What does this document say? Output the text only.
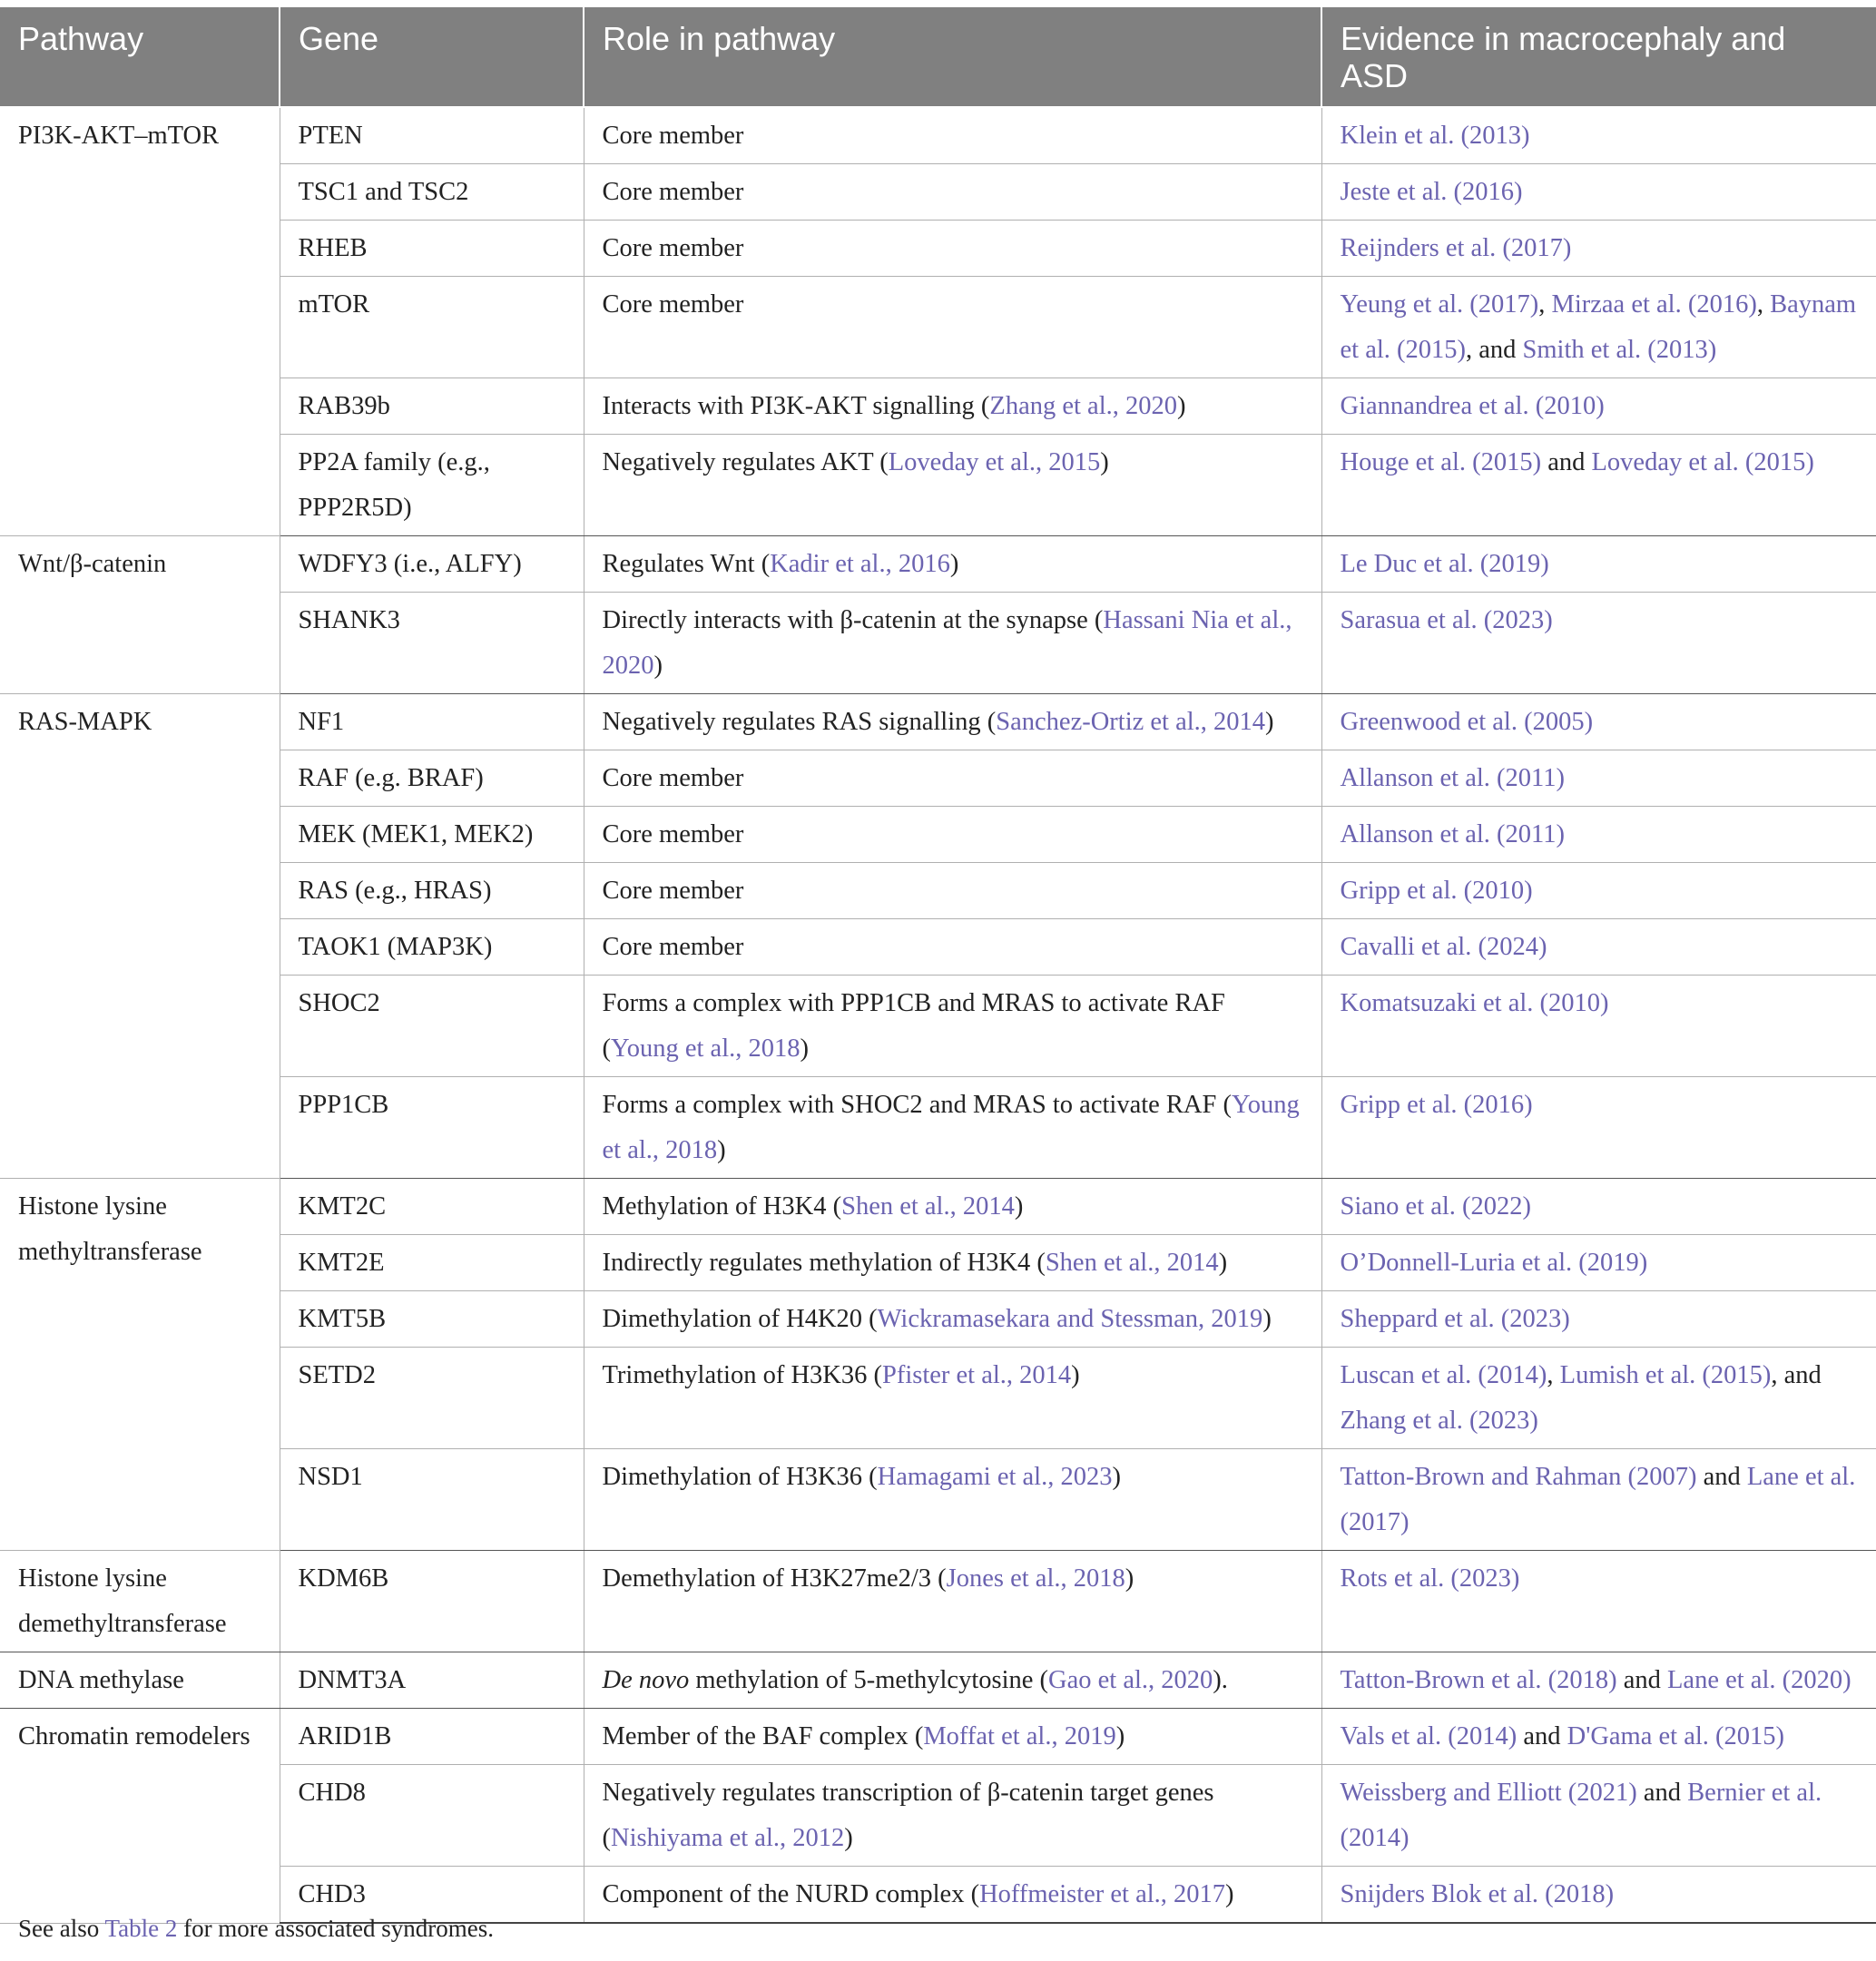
Pathway	Gene	Role in pathway	Evidence in macrocephaly and ASD
PI3K-AKT–mTOR	PTEN	Core member	Klein et al. (2013)
	TSC1 and TSC2	Core member	Jeste et al. (2016)
	RHEB	Core member	Reijnders et al. (2017)
	mTOR	Core member	Yeung et al. (2017), Mirzaa et al. (2016), Baynam et al. (2015), and Smith et al. (2013)
	RAB39b	Interacts with PI3K-AKT signalling (Zhang et al., 2020)	Giannandrea et al. (2010)
	PP2A family (e.g., PPP2R5D)	Negatively regulates AKT (Loveday et al., 2015)	Houge et al. (2015) and Loveday et al. (2015)
Wnt/β-catenin	WDFY3 (i.e., ALFY)	Regulates Wnt (Kadir et al., 2016)	Le Duc et al. (2019)
	SHANK3	Directly interacts with β-catenin at the synapse (Hassani Nia et al., 2020)	Sarasua et al. (2023)
RAS-MAPK	NF1	Negatively regulates RAS signalling (Sanchez-Ortiz et al., 2014)	Greenwood et al. (2005)
	RAF (e.g. BRAF)	Core member	Allanson et al. (2011)
	MEK (MEK1, MEK2)	Core member	Allanson et al. (2011)
	RAS (e.g., HRAS)	Core member	Gripp et al. (2010)
	TAOK1 (MAP3K)	Core member	Cavalli et al. (2024)
	SHOC2	Forms a complex with PPP1CB and MRAS to activate RAF (Young et al., 2018)	Komatsuzaki et al. (2010)
	PPP1CB	Forms a complex with SHOC2 and MRAS to activate RAF (Young et al., 2018)	Gripp et al. (2016)
Histone lysine methyltransferase	KMT2C	Methylation of H3K4 (Shen et al., 2014)	Siano et al. (2022)
	KMT2E	Indirectly regulates methylation of H3K4 (Shen et al., 2014)	O’Donnell-Luria et al. (2019)
	KMT5B	Dimethylation of H4K20 (Wickramasekara and Stessman, 2019)	Sheppard et al. (2023)
	SETD2	Trimethylation of H3K36 (Pfister et al., 2014)	Luscan et al. (2014), Lumish et al. (2015), and Zhang et al. (2023)
	NSD1	Dimethylation of H3K36 (Hamagami et al., 2023)	Tatton-Brown and Rahman (2007) and Lane et al. (2017)
Histone lysine demethyltransferase	KDM6B	Demethylation of H3K27me2/3 (Jones et al., 2018)	Rots et al. (2023)
DNA methylase	DNMT3A	De novo methylation of 5-methylcytosine (Gao et al., 2020).	Tatton-Brown et al. (2018) and Lane et al. (2020)
Chromatin remodelers	ARID1B	Member of the BAF complex (Moffat et al., 2019)	Vals et al. (2014) and D'Gama et al. (2015)
	CHD8	Negatively regulates transcription of β-catenin target genes (Nishiyama et al., 2012)	Weissberg and Elliott (2021) and Bernier et al. (2014)
	CHD3	Component of the NURD complex (Hoffmeister et al., 2017)	Snijders Blok et al. (2018)
See also Table 2 for more associated syndromes.
